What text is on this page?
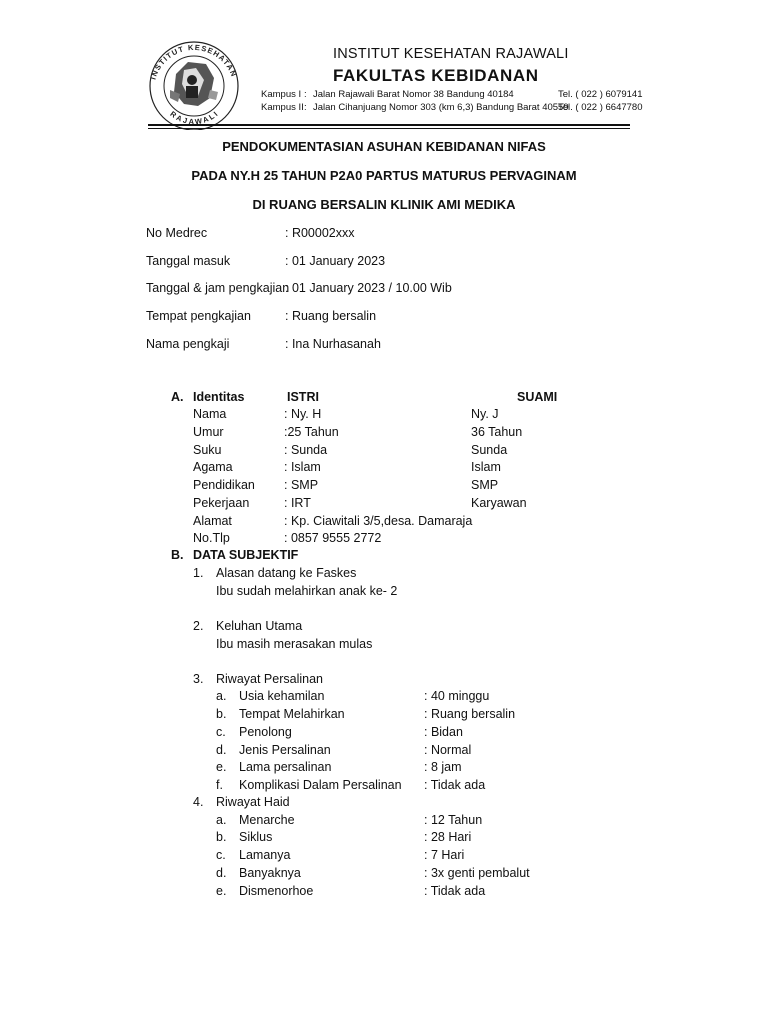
INSTITUT KESEHATAN
RAJAWALI
INSTITUT KESEHATAN RAJAWALI
FAKULTAS KEBIDANAN
Kampus I : Jalan Rajawali Barat Nomor 38 Bandung 40184	Tel. ( 022 ) 6079141
Kampus II : Jalan Cihanjuang Nomor 303 (km 6,3) Bandung Barat 40559
Tel. ( 022 ) 6647780
PENDOKUMENTASIAN ASUHAN KEBIDANAN NIFAS
PADA NY.H 25 TAHUN P2A0 PARTUS MATURUS PERVAGINAM
DI RUANG BERSALIN KLINIK AMI MEDIKA
No Medrec	: R00002xxx
Tanggal masuk	: 01 January 2023
Tanggal & jam pengkajian
: 01 January 2023 / 10.00 Wib
Tempat pengkajian	: Ruang bersalin
Nama pengkaji	: Ina Nurhasanah
A. Identitas	ISTRI	SUAMI
Nama	: Ny. H	Ny. J
Umur	:25 Tahun	36 Tahun
Suku	: Sunda	Sunda
Agama	: Islam	Islam
Pendidikan : SMP	SMP
Pekerjaan	: IRT	Karyawan
Alamat	: Kp. Ciawitali 3/5,desa. Damaraja
No.Tlp	: 0857 9555 2772
B. DATA SUBJEKTIF
1. Alasan datang ke Faskes
Ibu sudah melahirkan anak ke- 2
2. Keluhan Utama
Ibu masih merasakan mulas
3. Riwayat Persalinan
a. Usia kehamilan	: 40 minggu
b. Tempat Melahirkan	: Ruang bersalin
c. Penolong	: Bidan
d. Jenis Persalinan	: Normal
e. Lama persalinan	: 8 jam
f. Komplikasi Dalam Persalinan : Tidak ada
4. Riwayat Haid
a. Menarche	: 12 Tahun
b. Siklus	: 28 Hari
c. Lamanya	: 7 Hari
d. Banyaknya	: 3x genti pembalut
e. Dismenorhoe	: Tidak ada
